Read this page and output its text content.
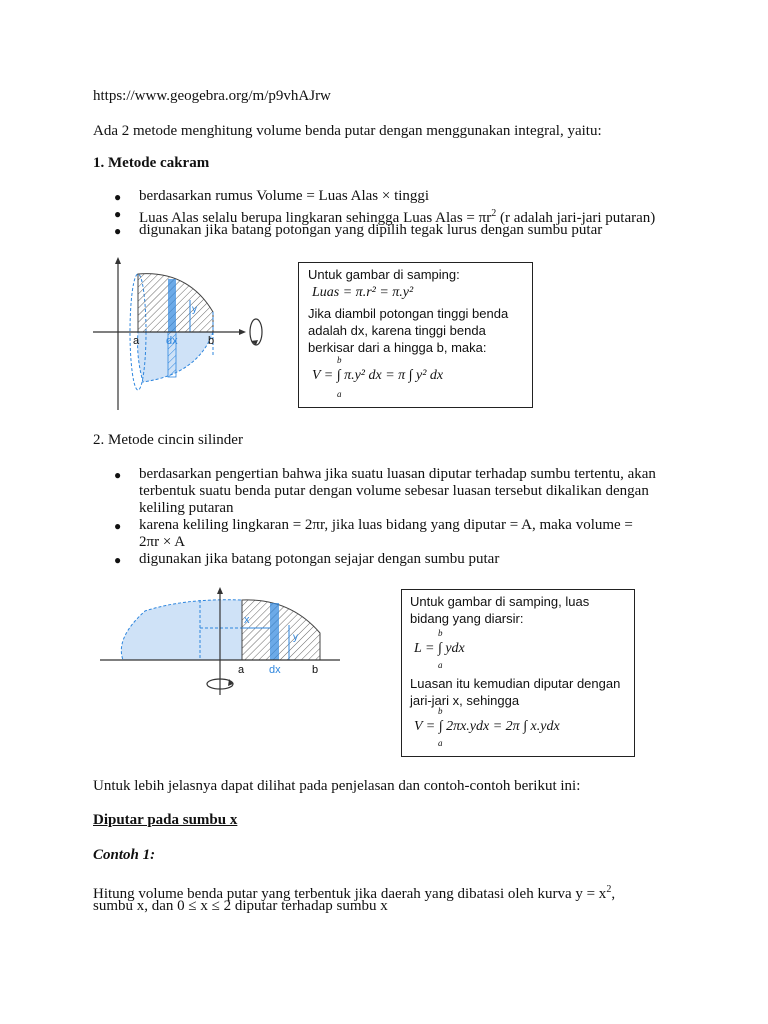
https://www.geogebra.org/m/p9vhAJrw
Ada 2 metode menghitung volume benda putar dengan menggunakan integral, yaitu:
1. Metode cakram
● berdasarkan rumus Volume = Luas Alas × tinggi
● Luas Alas selalu berupa lingkaran sehingga Luas Alas = $\pi r^2$ (r adalah jari-jari putaran)
● digunakan jika batang potongan yang dipilih tegak lurus dengan sumbu putar
a dx	b
y
Untuk gambar di samping:
Luas = π.r² = π.y²
Jika diambil potongan tinggi benda
adalah dx, karena tinggi benda
berkisar dari a hingga b, maka:
V = ∫ π.y² dx = π ∫ y² dx
b
a
2. Metode cincin silinder
● berdasarkan pengertian bahwa jika suatu luasan diputar terhadap sumbu tertentu, akan
terbentuk suatu benda putar dengan volume sebesar luasan tersebut dikalikan dengan
keliling putaran
● karena keliling lingkaran = 2πr, jika luas bidang yang diputar = A, maka volume =
2πr × A
● digunakan jika batang potongan sejajar dengan sumbu putar
a dx	b
x
y
Untuk gambar di samping, luas
bidang yang diarsir:
L = ∫ ydx
b
a
Luasan itu kemudian diputar dengan
jari-jari x, sehingga
V = ∫ 2πx.ydx = 2π ∫ x.ydx
b
a
Untuk lebih jelasnya dapat dilihat pada penjelasan dan contoh-contoh berikut ini:
Diputar pada sumbu x
Contoh 1:
Hitung volume benda putar yang terbentuk jika daerah yang dibatasi oleh kurva $y = x^2$,
sumbu x, dan 0 ≤ x ≤ 2 diputar terhadap sumbu x
